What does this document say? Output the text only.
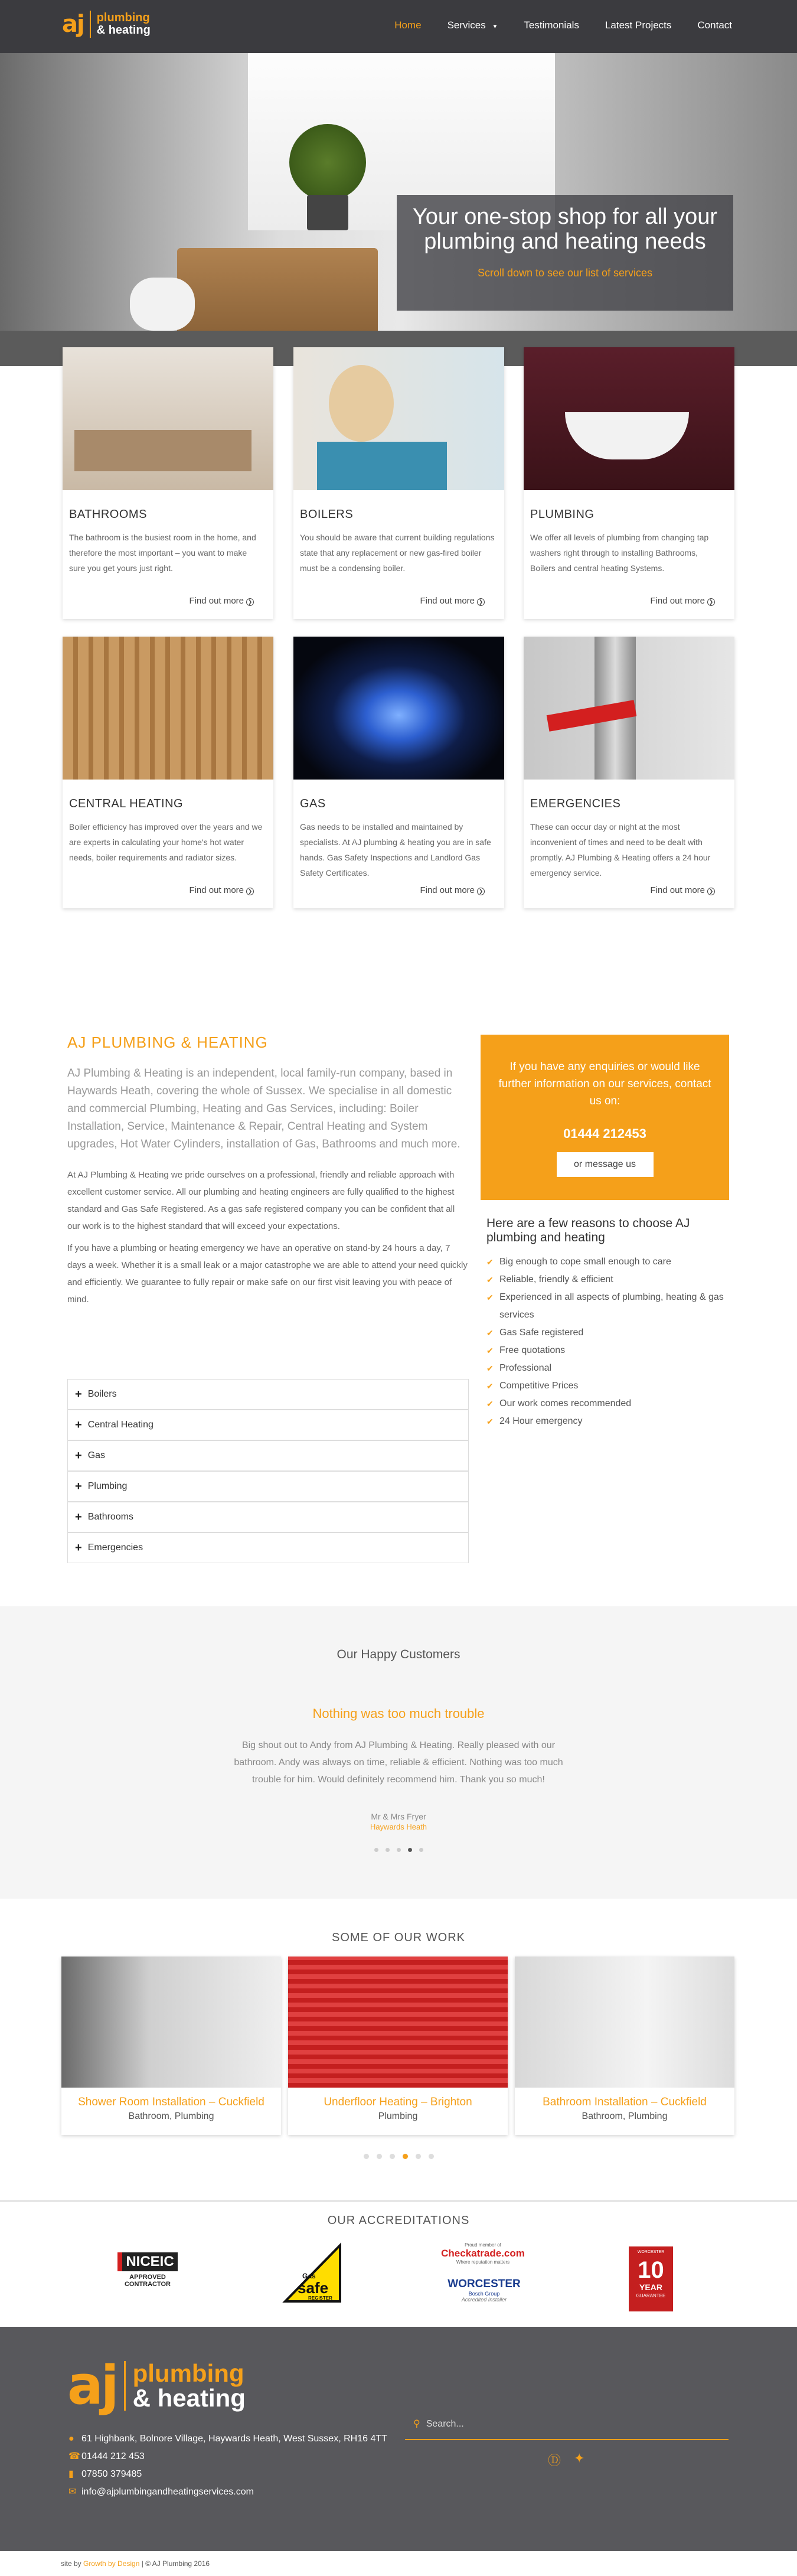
aj plumbing
& heating	Home	Services ▼	Testimonials	Latest Projects	Contact
Your one-stop shop for all your plumbing and heating needs

Scroll down to see our list of services

BATHROOMS

The bathroom is the busiest room in the home, and therefore the most important – you want to make sure you get yours just right.

Find out more ❯
BOILERS

You should be aware that current building regulations state that any replacement or new gas-fired boiler must be a condensing boiler.

Find out more ❯
PLUMBING

We offer all levels of plumbing from changing tap washers right through to installing Bathrooms, Boilers and central heating Systems.

Find out more ❯
CENTRAL HEATING

Boiler efficiency has improved over the years and we are experts in calculating your home's hot water needs, boiler requirements and radiator sizes.

Find out more ❯
GAS

Gas needs to be installed and maintained by specialists. At AJ plumbing & heating you are in safe hands. Gas Safety Inspections and Landlord Gas Safety Certificates.

Find out more ❯
EMERGENCIES

These can occur day or night at the most inconvenient of times and need to be dealt with promptly. AJ Plumbing & Heating offers a 24 hour emergency service.

Find out more ❯
AJ PLUMBING & HEATING

AJ Plumbing & Heating is an independent, local family-run company, based in Haywards Heath, covering the whole of Sussex. We specialise in all domestic and commercial Plumbing, Heating and Gas Services, including: Boiler Installation, Service, Maintenance & Repair, Central Heating and System upgrades, Hot Water Cylinders, installation of Gas, Bathrooms and much more.

At AJ Plumbing & Heating we pride ourselves on a professional, friendly and reliable approach with excellent customer service. All our plumbing and heating engineers are fully qualified to the highest standard and Gas Safe Registered. As a gas safe registered company you can be confident that all our work is to the highest standard that will exceed your expectations.

If you have a plumbing or heating emergency we have an operative on stand-by 24 hours a day, 7 days a week. Whether it is a small leak or a major catastrophe we are able to attend your need quickly and efficiently. We guarantee to fully repair or make safe on our first visit leaving you with peace of mind.

+ Boilers
+ Central Heating
+ Gas
+ Plumbing
+ Bathrooms
+ Emergencies

If you have any enquiries or would like further information on our services, contact us on:

01444 212453
or message us
Here are a few reasons to choose AJ plumbing and heating
✔ Big enough to cope small enough to care
✔ Reliable, friendly & efficient
✔ Experienced in all aspects of plumbing, heating & gas services
✔ Gas Safe registered
✔ Free quotations
✔ Professional
✔ Competitive Prices
✔ Our work comes recommended
✔ 24 Hour emergency
Our Happy Customers
Nothing was too much trouble
Big shout out to Andy from AJ Plumbing & Heating. Really pleased with our bathroom. Andy was always on time, reliable & efficient. Nothing was too much trouble for him. Would definitely recommend him. Thank you so much!
Mr & Mrs Fryer
Haywards Heath
SOME OF OUR WORK
Shower Room Installation – Cuckfield
Bathroom, Plumbing
Underfloor Heating – Brighton
Plumbing
Bathroom Installation – Cuckfield
Bathroom, Plumbing
OUR ACCREDITATIONS
NICEIC
APPROVED CONTRACTOR
Gas
safe
REGISTER
Proud member of
Checkatrade.com
Where reputation matters
WORCESTER
Bosch Group
Accredited Installer
WORCESTER
10
YEAR
GUARANTEE
aj plumbing
& heating
● 61 Highbank, Bolnore Village, Haywards Heath, West Sussex, RH16 4TT
☎ 01444 212 453
▮ 07850 379485
✉ info@ajplumbingandheatingservices.com
⚲ Search...
Ⓓ ✦
site by Growth by Design | © AJ Plumbing 2016
